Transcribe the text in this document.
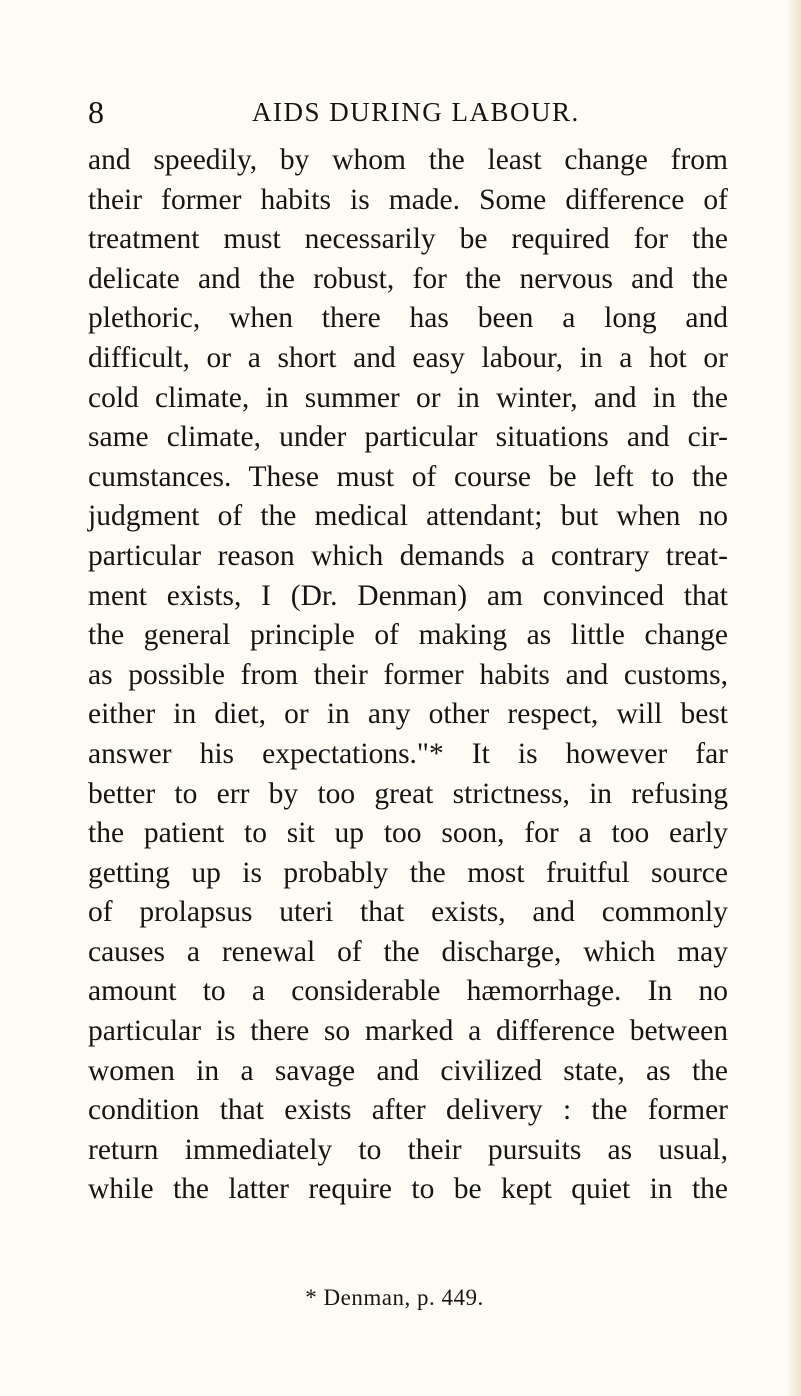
8	AIDS DURING LABOUR.
and speedily, by whom the least change from
their former habits is made. Some difference of
treatment must necessarily be required for the
delicate and the robust, for the nervous and the
plethoric, when there has been a long and
difficult, or a short and easy labour, in a hot or
cold climate, in summer or in winter, and in the
same climate, under particular situations and cir-
cumstances. These must of course be left to the
judgment of the medical attendant; but when no
particular reason which demands a contrary treat-
ment exists, I (Dr. Denman) am convinced that
the general principle of making as little change
as possible from their former habits and customs,
either in diet, or in any other respect, will best
answer his expectations."* It is however far
better to err by too great strictness, in refusing
the patient to sit up too soon, for a too early
getting up is probably the most fruitful source
of prolapsus uteri that exists, and commonly
causes a renewal of the discharge, which may
amount to a considerable hæmorrhage. In no
particular is there so marked a difference between
women in a savage and civilized state, as the
condition that exists after delivery : the former
return immediately to their pursuits as usual,
while the latter require to be kept quiet in the
* Denman, p. 449.
